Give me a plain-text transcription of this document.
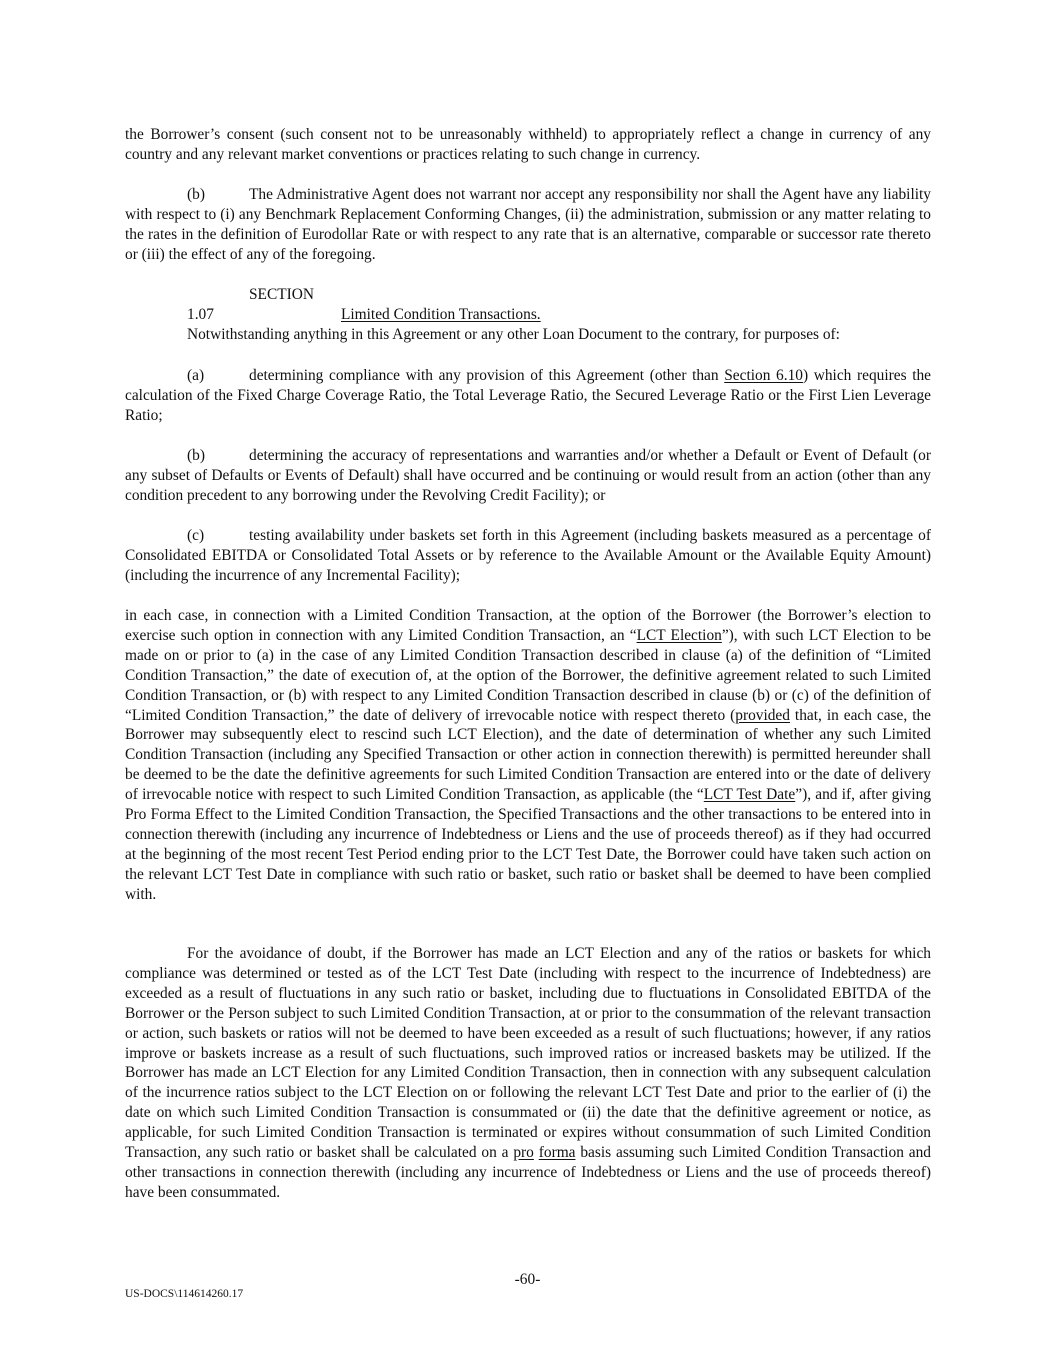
the Borrower’s consent (such consent not to be unreasonably withheld) to appropriately reflect a change in currency of any country and any relevant market conventions or practices relating to such change in currency.

(b)	The Administrative Agent does not warrant nor accept any responsibility nor shall the Agent have any liability with respect to (i) any Benchmark Replacement Conforming Changes, (ii) the administration, submission or any matter relating to the rates in the definition of Eurodollar Rate or with respect to any rate that is an alternative, comparable or successor rate thereto or (iii) the effect of any of the foregoing.

SECTION 1.07	Limited Condition Transactions.

Notwithstanding anything in this Agreement or any other Loan Document to the contrary, for purposes of:

(a)	determining compliance with any provision of this Agreement (other than Section 6.10) which requires the calculation of the Fixed Charge Coverage Ratio, the Total Leverage Ratio, the Secured Leverage Ratio or the First Lien Leverage Ratio;

(b)	determining the accuracy of representations and warranties and/or whether a Default or Event of Default (or any subset of Defaults or Events of Default) shall have occurred and be continuing or would result from an action (other than any condition precedent to any borrowing under the Revolving Credit Facility); or

(c)	testing availability under baskets set forth in this Agreement (including baskets measured as a percentage of Consolidated EBITDA or Consolidated Total Assets or by reference to the Available Amount or the Available Equity Amount) (including the incurrence of any Incremental Facility);

in each case, in connection with a Limited Condition Transaction, at the option of the Borrower (the Borrower’s election to exercise such option in connection with any Limited Condition Transaction, an “LCT Election”), with such LCT Election to be made on or prior to (a) in the case of any Limited Condition Transaction described in clause (a) of the definition of “Limited Condition Transaction,” the date of execution of, at the option of the Borrower, the definitive agreement related to such Limited Condition Transaction, or (b) with respect to any Limited Condition Transaction described in clause (b) or (c) of the definition of “Limited Condition Transaction,” the date of delivery of irrevocable notice with respect thereto (provided that, in each case, the Borrower may subsequently elect to rescind such LCT Election), and the date of determination of whether any such Limited Condition Transaction (including any Specified Transaction or other action in connection therewith) is permitted hereunder shall be deemed to be the date the definitive agreements for such Limited Condition Transaction are entered into or the date of delivery of irrevocable notice with respect to such Limited Condition Transaction, as applicable (the “LCT Test Date”), and if, after giving Pro Forma Effect to the Limited Condition Transaction, the Specified Transactions and the other transactions to be entered into in connection therewith (including any incurrence of Indebtedness or Liens and the use of proceeds thereof) as if they had occurred at the beginning of the most recent Test Period ending prior to the LCT Test Date, the Borrower could have taken such action on the relevant LCT Test Date in compliance with such ratio or basket, such ratio or basket shall be deemed to have been complied with.

For the avoidance of doubt, if the Borrower has made an LCT Election and any of the ratios or baskets for which compliance was determined or tested as of the LCT Test Date (including with respect to the incurrence of Indebtedness) are exceeded as a result of fluctuations in any such ratio or basket, including due to fluctuations in Consolidated EBITDA of the Borrower or the Person subject to such Limited Condition Transaction, at or prior to the consummation of the relevant transaction or action, such baskets or ratios will not be deemed to have been exceeded as a result of such fluctuations; however, if any ratios improve or baskets increase as a result of such fluctuations, such improved ratios or increased baskets may be utilized. If the Borrower has made an LCT Election for any Limited Condition Transaction, then in connection with any subsequent calculation of the incurrence ratios subject to the LCT Election on or following the relevant LCT Test Date and prior to the earlier of (i) the date on which such Limited Condition Transaction is consummated or (ii) the date that the definitive agreement or notice, as applicable, for such Limited Condition Transaction is terminated or expires without consummation of such Limited Condition Transaction, any such ratio or basket shall be calculated on a pro forma basis assuming such Limited Condition Transaction and other transactions in connection therewith (including any incurrence of Indebtedness or Liens and the use of proceeds thereof) have been consummated.

-60-
US-DOCS\114614260.17
